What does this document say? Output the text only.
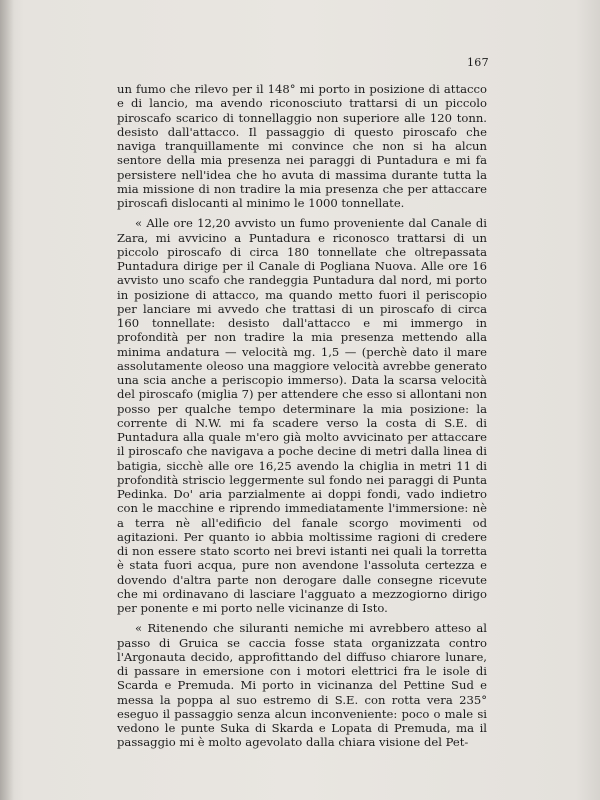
167

un fumo che rilevo per il 148° mi porto in posizione di attacco e di lancio, ma avendo riconosciuto trattarsi di un piccolo piroscafo scarico di tonnellaggio non superiore alle 120 tonn. desisto dall'attacco. Il passaggio di questo piroscafo che naviga tranquillamente mi convince che non si ha alcun sentore della mia presenza nei paraggi di Puntadura e mi fa persistere nell'idea che ho avuta di massima durante tutta la mia missione di non tradire la mia presenza che per attaccare piroscafi dislocanti al minimo le 1000 tonnellate.

« Alle ore 12,20 avvisto un fumo proveniente dal Canale di Zara, mi avvicino a Puntadura e riconosco trattarsi di un piccolo piroscafo di circa 180 tonnellate che oltrepassata Puntadura dirige per il Canale di Pogliana Nuova. Alle ore 16 avvisto uno scafo che randeggia Puntadura dal nord, mi porto in posizione di attacco, ma quando metto fuori il periscopio per lanciare mi avvedo che trattasi di un piroscafo di circa 160 tonnellate: desisto dall'attacco e mi immergo in profondità per non tradire la mia presenza mettendo alla minima andatura — velocità mg. 1,5 — (perchè dato il mare assolutamente oleoso una maggiore velocità avrebbe generato una scia anche a periscopio immerso). Data la scarsa velocità del piroscafo (miglia 7) per attendere che esso si allontani non posso per qualche tempo determinare la mia posizione: la corrente di N.W. mi fa scadere verso la costa di S.E. di Puntadura alla quale m'ero già molto avvicinato per attaccare il piroscafo che navigava a poche decine di metri dalla linea di batigia, sicchè alle ore 16,25 avendo la chiglia in metri 11 di profondità striscio leggermente sul fondo nei paraggi di Punta Pedinka. Do' aria parzialmente ai doppi fondi, vado indietro con le macchine e riprendo immediatamente l'immersione: nè a terra nè all'edificio del fanale scorgo movimenti od agitazioni. Per quanto io abbia moltissime ragioni di credere di non essere stato scorto nei brevi istanti nei quali la torretta è stata fuori acqua, pure non avendone l'assoluta certezza e dovendo d'altra parte non derogare dalle consegne ricevute che mi ordinavano di lasciare l'agguato a mezzogiorno dirigo per ponente e mi porto nelle vicinanze di Isto.

« Ritenendo che siluranti nemiche mi avrebbero atteso al passo di Gruica se caccia fosse stata organizzata contro l'Argonauta decido, approfittando del diffuso chiarore lunare, di passare in emersione con i motori elettrici fra le isole di Scarda e Premuda. Mi porto in vicinanza del Pettine Sud e messa la poppa al suo estremo di S.E. con rotta vera 235° eseguo il passaggio senza alcun inconveniente: poco o male si vedono le punte Suka di Skarda e Lopata di Premuda, ma il passaggio mi è molto agevolato dalla chiara visione del Pet-
